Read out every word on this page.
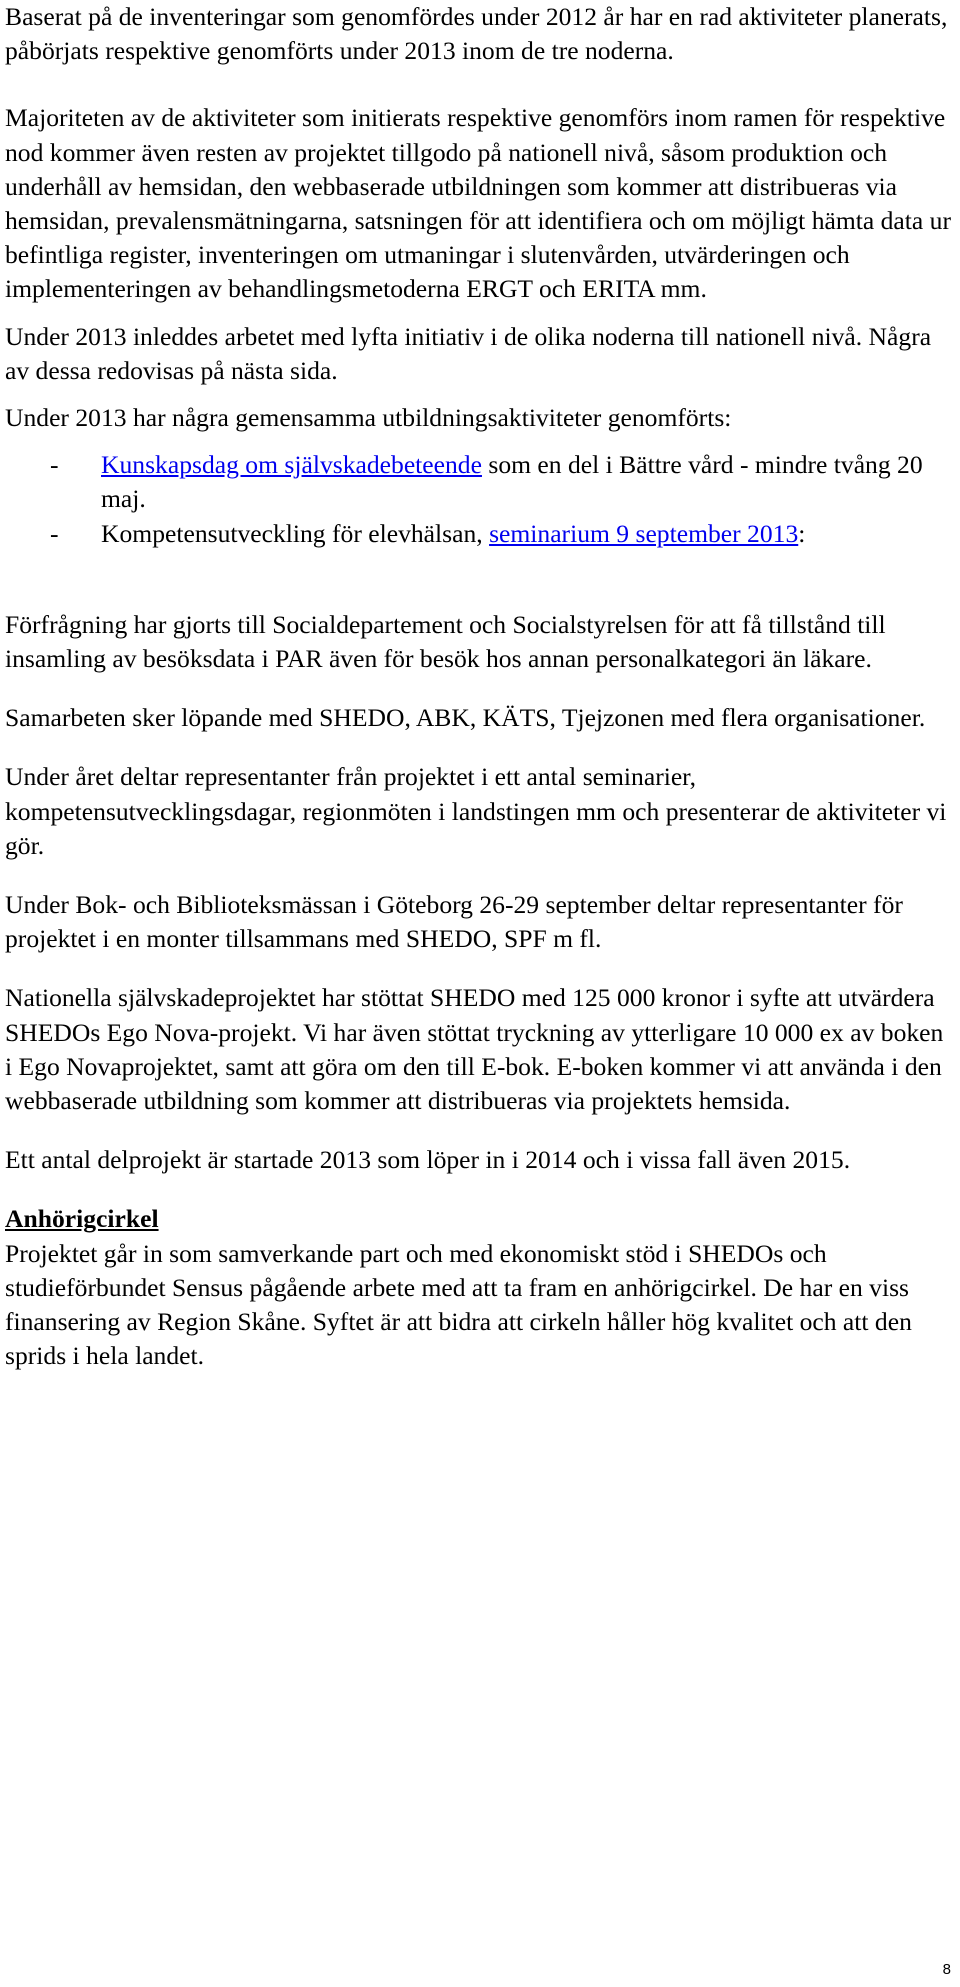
Baserat på de inventeringar som genomfördes under 2012 år har en rad aktiviteter planerats, påbörjats respektive genomförts under 2013 inom de tre noderna.

Majoriteten av de aktiviteter som initierats respektive genomförs inom ramen för respektive nod kommer även resten av projektet tillgodo på nationell nivå, såsom produktion och underhåll av hemsidan, den webbaserade utbildningen som kommer att distribueras via hemsidan, prevalensmätningarna, satsningen för att identifiera och om möjligt hämta data ur befintliga register, inventeringen om utmaningar i slutenvården, utvärderingen och implementeringen av behandlingsmetoderna ERGT och ERITA mm.

Under 2013 inleddes arbetet med lyfta initiativ i de olika noderna till nationell nivå. Några av dessa redovisas på nästa sida.

Under 2013 har några gemensamma utbildningsaktiviteter genomförts:

- Kunskapsdag om självskadebeteende som en del i Bättre vård - mindre tvång 20 maj.
- Kompetensutveckling för elevhälsan, seminarium 9 september 2013:

Förfrågning har gjorts till Socialdepartement och Socialstyrelsen för att få tillstånd till insamling av besöksdata i PAR även för besök hos annan personalkategori än läkare.

Samarbeten sker löpande med SHEDO, ABK, KÄTS, Tjejzonen med flera organisationer.

Under året deltar representanter från projektet i ett antal seminarier, kompetensutvecklingsdagar, regionmöten i landstingen mm och presenterar de aktiviteter vi gör.

Under Bok- och Biblioteksmässan i Göteborg 26-29 september deltar representanter för projektet i en monter tillsammans med SHEDO, SPF m fl.

Nationella självskadeprojektet har stöttat SHEDO med 125 000 kronor i syfte att utvärdera SHEDOs Ego Nova-projekt. Vi har även stöttat tryckning av ytterligare 10 000 ex av boken i Ego Novaprojektet, samt att göra om den till E-bok. E-boken kommer vi att använda i den webbaserade utbildning som kommer att distribueras via projektets hemsida.

Ett antal delprojekt är startade 2013 som löper in i 2014 och i vissa fall även 2015.

Anhörigcirkel

Projektet går in som samverkande part och med ekonomiskt stöd i SHEDOs och studieförbundet Sensus pågående arbete med att ta fram en anhörigcirkel. De har en viss finansering av Region Skåne. Syftet är att bidra att cirkeln håller hög kvalitet och att den sprids i hela landet.

8
